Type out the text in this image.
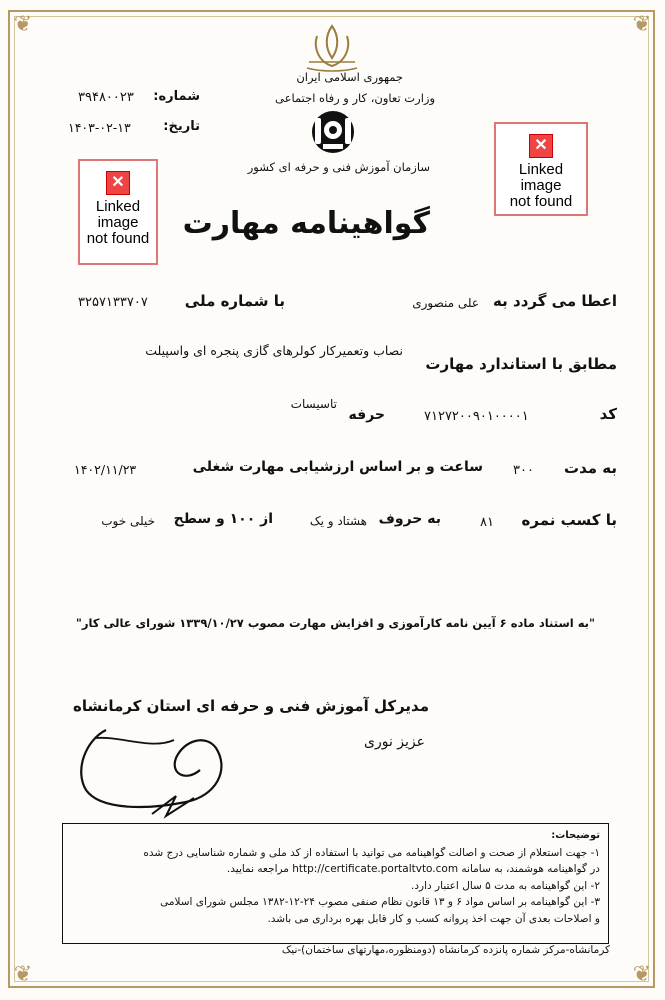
❦	❦
❦	❦
جمهوری اسلامی ایران
وزارت تعاون، کار و رفاه اجتماعی
سازمان آموزش فنی و حرفه ای کشور
شماره:
۳۹۴۸۰۰۲۳
تاریخ:
۱۴۰۳-۰۲-۱۳
✕
Linked
image
not found
✕
Linked
image
not found
گواهینامه مهارت
اعطا می گردد به
علی منصوری
با شماره ملی
۳۲۵۷۱۳۳۷۰۷
مطابق با استاندارد مهارت
نصاب وتعمیرکار کولرهای گازی پنجره ای واسپیلت
کد
۷۱۲۷۲۰۰۹۰۱۰۰۰۰۱
حرفه
تاسیسات
به مدت
۳۰۰
ساعت و بر اساس ارزشیابی مهارت شغلی
۱۴۰۲/۱۱/۲۳
با کسب نمره
۸۱
به حروف
هشتاد و یک
از ۱۰۰ و سطح
خیلی خوب
"به استناد ماده ۶ آیین نامه کارآموزی و افزایش مهارت مصوب ۱۳۳۹/۱۰/۲۷ شورای عالی کار"
مدیرکل آموزش فنی و حرفه ای استان کرمانشاه
عزیز نوری
توضیحات:
۱- جهت استعلام از صحت و اصالت گواهینامه می توانید با استفاده از کد ملی و شماره شناسایی درج شده
در گواهینامه هوشمند، به سامانه http://certificate.portaltvto.com مراجعه نمایید.
۲- این گواهینامه به مدت ۵ سال اعتبار دارد.
۳- این گواهینامه بر اساس مواد ۶ و ۱۳ قانون نظام صنفی مصوب ۲۴-۱۲-۱۳۸۲ مجلس شورای اسلامی
و اصلاحات بعدی آن جهت اخذ پروانه کسب و کار قابل بهره برداری می باشد.
کرمانشاه-مرکز شماره پانزده کرمانشاه (دومنظوره،مهارتهای ساختمان)-نیک
